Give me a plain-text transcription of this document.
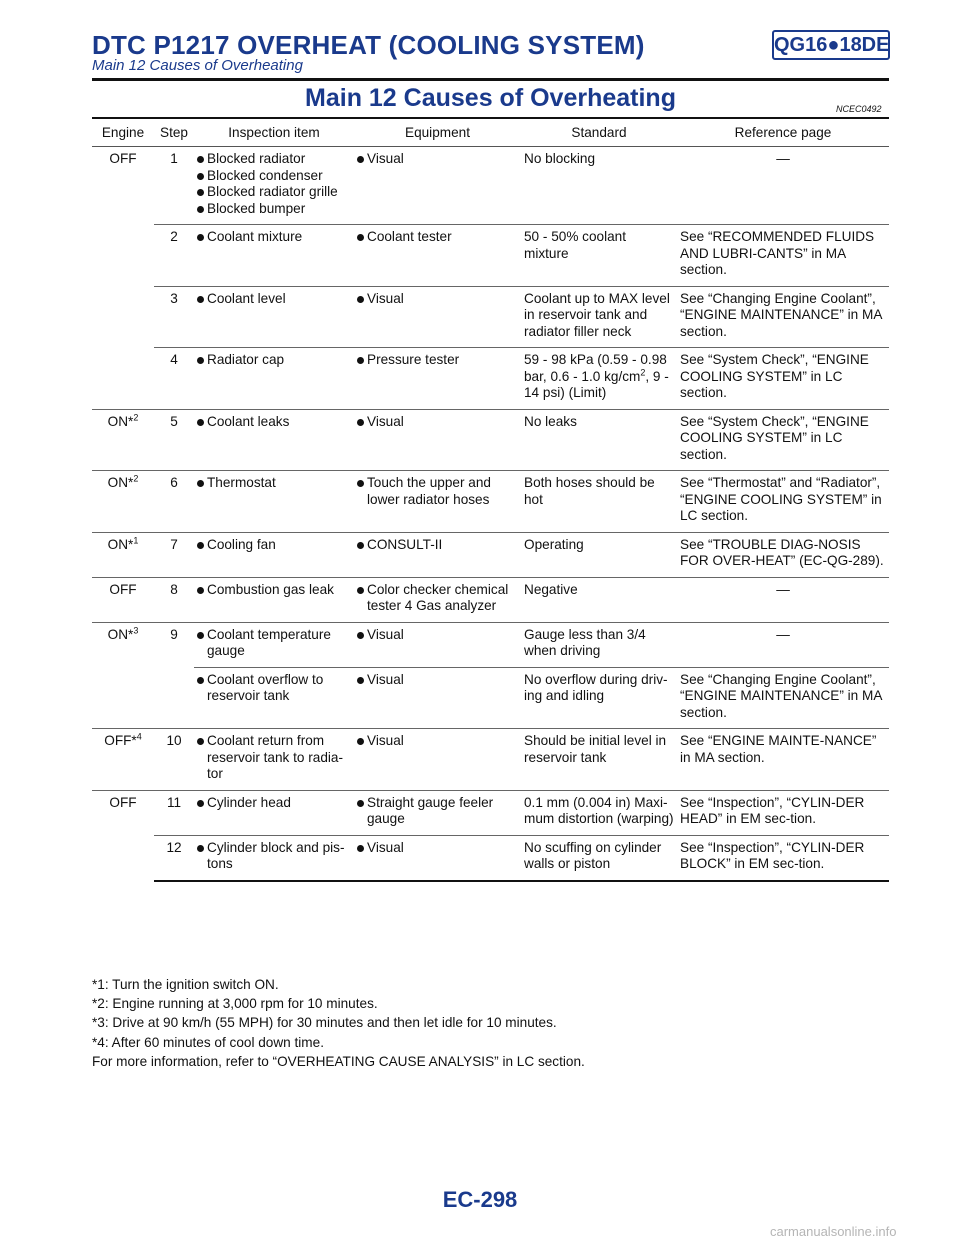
DTC P1217 OVERHEAT (COOLING SYSTEM)	QG16●18DE
Main 12 Causes of Overheating
Main 12 Causes of Overheating	NCEC0492
Engine	Step	Inspection item	Equipment	Standard	Reference page
OFF	1	Blocked radiator
Blocked condenser
Blocked radiator grille
Blocked bumper	Visual	No blocking	—
	2	Coolant mixture	Coolant tester	50 - 50% coolant mixture	See “RECOMMENDED FLUIDS AND LUBRI-CANTS” in MA section.
	3	Coolant level	Visual	Coolant up to MAX level in reservoir tank and radiator filler neck	See “Changing Engine Coolant”, “ENGINE MAINTENANCE” in MA section.
	4	Radiator cap	Pressure tester	59 - 98 kPa (0.59 - 0.98 bar, 0.6 - 1.0 $kg/cm^2$, 9 - 14 psi) (Limit)	See “System Check”, “ENGINE COOLING SYSTEM” in LC section.
ON*$^2$	5	Coolant leaks	Visual	No leaks	See “System Check”, “ENGINE COOLING SYSTEM” in LC section.
ON*$^2$	6	Thermostat	Touch the upper and lower radiator hoses	Both hoses should be hot	See “Thermostat” and “Radiator”, “ENGINE COOLING SYSTEM” in LC section.
ON*$^1$	7	Cooling fan	CONSULT-II	Operating	See “TROUBLE DIAG-NOSIS FOR OVER-HEAT” (EC-QG-289).
OFF	8	Combustion gas leak	Color checker chemical tester 4 Gas analyzer	Negative	—
ON*$^3$	9	Coolant temperature gauge	Visual	Gauge less than 3/4 when driving	—

		Coolant overflow to reservoir tank	Visual	No overflow during driv-ing and idling	See “Changing Engine Coolant”, “ENGINE MAINTENANCE” in MA section.
OFF*$^4$	10	Coolant return from reservoir tank to radia-tor	Visual	Should be initial level in reservoir tank	See “ENGINE MAINTE-NANCE” in MA section.
OFF	11	Cylinder head	Straight gauge feeler gauge	0.1 mm (0.004 in) Maxi-mum distortion (warping)	See “Inspection”, “CYLIN-DER HEAD” in EM sec-tion.
	12	Cylinder block and pis-tons	Visual	No scuffing on cylinder walls or piston	See “Inspection”, “CYLIN-DER BLOCK” in EM sec-tion.
*1: Turn the ignition switch ON.
*2: Engine running at 3,000 rpm for 10 minutes.
*3: Drive at 90 km/h (55 MPH) for 30 minutes and then let idle for 10 minutes.
*4: After 60 minutes of cool down time.
For more information, refer to “OVERHEATING CAUSE ANALYSIS” in LC section.
EC-298
carmanualsonline.info
